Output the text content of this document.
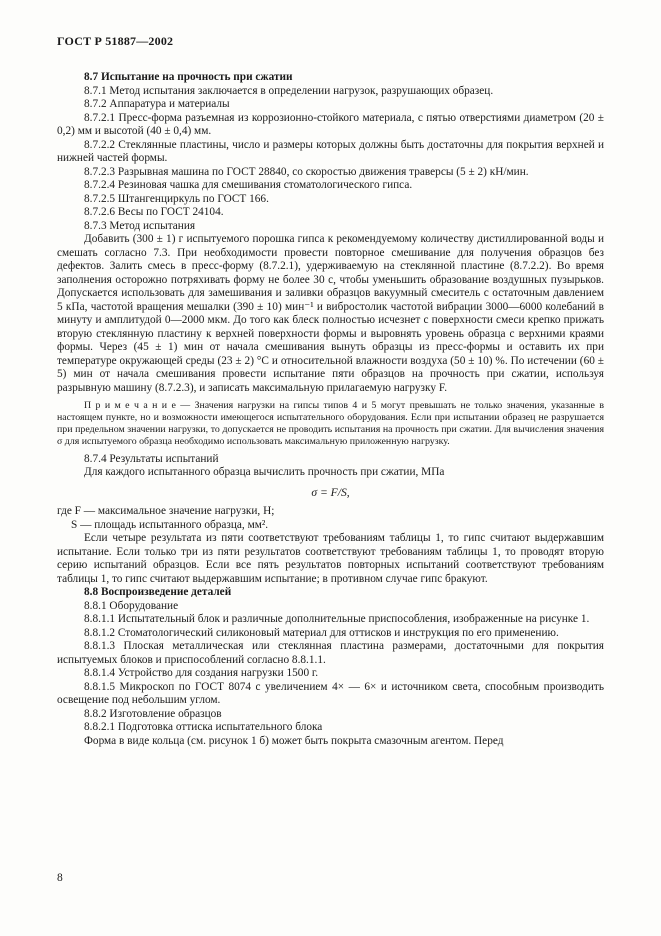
ГОСТ Р 51887—2002

8.7 Испытание на прочность при сжатии

8.7.1 Метод испытания заключается в определении нагрузок, разрушающих образец.

8.7.2 Аппаратура и материалы

8.7.2.1 Пресс-форма разъемная из коррозионно-стойкого материала, с пятью отверстиями диаметром (20 ± 0,2) мм и высотой (40 ± 0,4) мм.

8.7.2.2 Стеклянные пластины, число и размеры которых должны быть достаточны для покрытия верхней и нижней частей формы.

8.7.2.3 Разрывная машина по ГОСТ 28840, со скоростью движения траверсы (5 ± 2) кН/мин.

8.7.2.4 Резиновая чашка для смешивания стоматологического гипса.

8.7.2.5 Штангенциркуль по ГОСТ 166.

8.7.2.6 Весы по ГОСТ 24104.

8.7.3 Метод испытания

Добавить (300 ± 1) г испытуемого порошка гипса к рекомендуемому количеству дистиллированной воды и смешать согласно 7.3. При необходимости провести повторное смешивание для получения образцов без дефектов. Залить смесь в пресс-форму (8.7.2.1), удерживаемую на стеклянной пластине (8.7.2.2). Во время заполнения осторожно потряхивать форму не более 30 с, чтобы уменьшить образование воздушных пузырьков. Допускается использовать для замешивания и заливки образцов вакуумный смеситель с остаточным давлением 5 кПа, частотой вращения мешалки (390 ± 10) мин⁻¹ и вибростолик частотой вибрации 3000—6000 колебаний в минуту и амплитудой 0—2000 мкм. До того как блеск полностью исчезнет с поверхности смеси крепко прижать вторую стеклянную пластину к верхней поверхности формы и выровнять уровень образца с верхними краями формы. Через (45 ± 1) мин от начала смешивания вынуть образцы из пресс-формы и оставить их при температуре окружающей среды (23 ± 2) °С и относительной влажности воздуха (50 ± 10) %. По истечении (60 ± 5) мин от начала смешивания провести испытание пяти образцов на прочность при сжатии, используя разрывную машину (8.7.2.3), и записать максимальную прилагаемую нагрузку F.

П р и м е ч а н и е — Значения нагрузки на гипсы типов 4 и 5 могут превышать не только значения, указанные в настоящем пункте, но и возможности имеющегося испытательного оборудования. Если при испытании образец не разрушается при предельном значении нагрузки, то допускается не проводить испытания на прочность при сжатии. Для вычисления значения σ для испытуемого образца необходимо использовать максимальную приложенную нагрузку.

8.7.4 Результаты испытаний

Для каждого испытанного образца вычислить прочность при сжатии, МПа

σ = F/S,

где F — максимальное значение нагрузки, Н;

S — площадь испытанного образца, мм².

Если четыре результата из пяти соответствуют требованиям таблицы 1, то гипс считают выдержавшим испытание. Если только три из пяти результатов соответствуют требованиям таблицы 1, то проводят вторую серию испытаний образцов. Если все пять результатов повторных испытаний соответствуют требованиям таблицы 1, то гипс считают выдержавшим испытание; в противном случае гипс бракуют.

8.8 Воспроизведение деталей

8.8.1 Оборудование

8.8.1.1 Испытательный блок и различные дополнительные приспособления, изображенные на рисунке 1.

8.8.1.2 Стоматологический силиконовый материал для оттисков и инструкция по его применению.

8.8.1.3 Плоская металлическая или стеклянная пластина размерами, достаточными для покрытия испытуемых блоков и приспособлений согласно 8.8.1.1.

8.8.1.4 Устройство для создания нагрузки 1500 г.

8.8.1.5 Микроскоп по ГОСТ 8074 с увеличением 4× — 6× и источником света, способным производить освещение под небольшим углом.

8.8.2 Изготовление образцов

8.8.2.1 Подготовка оттиска испытательного блока

Форма в виде кольца (см. рисунок 1 б) может быть покрыта смазочным агентом. Перед

8
